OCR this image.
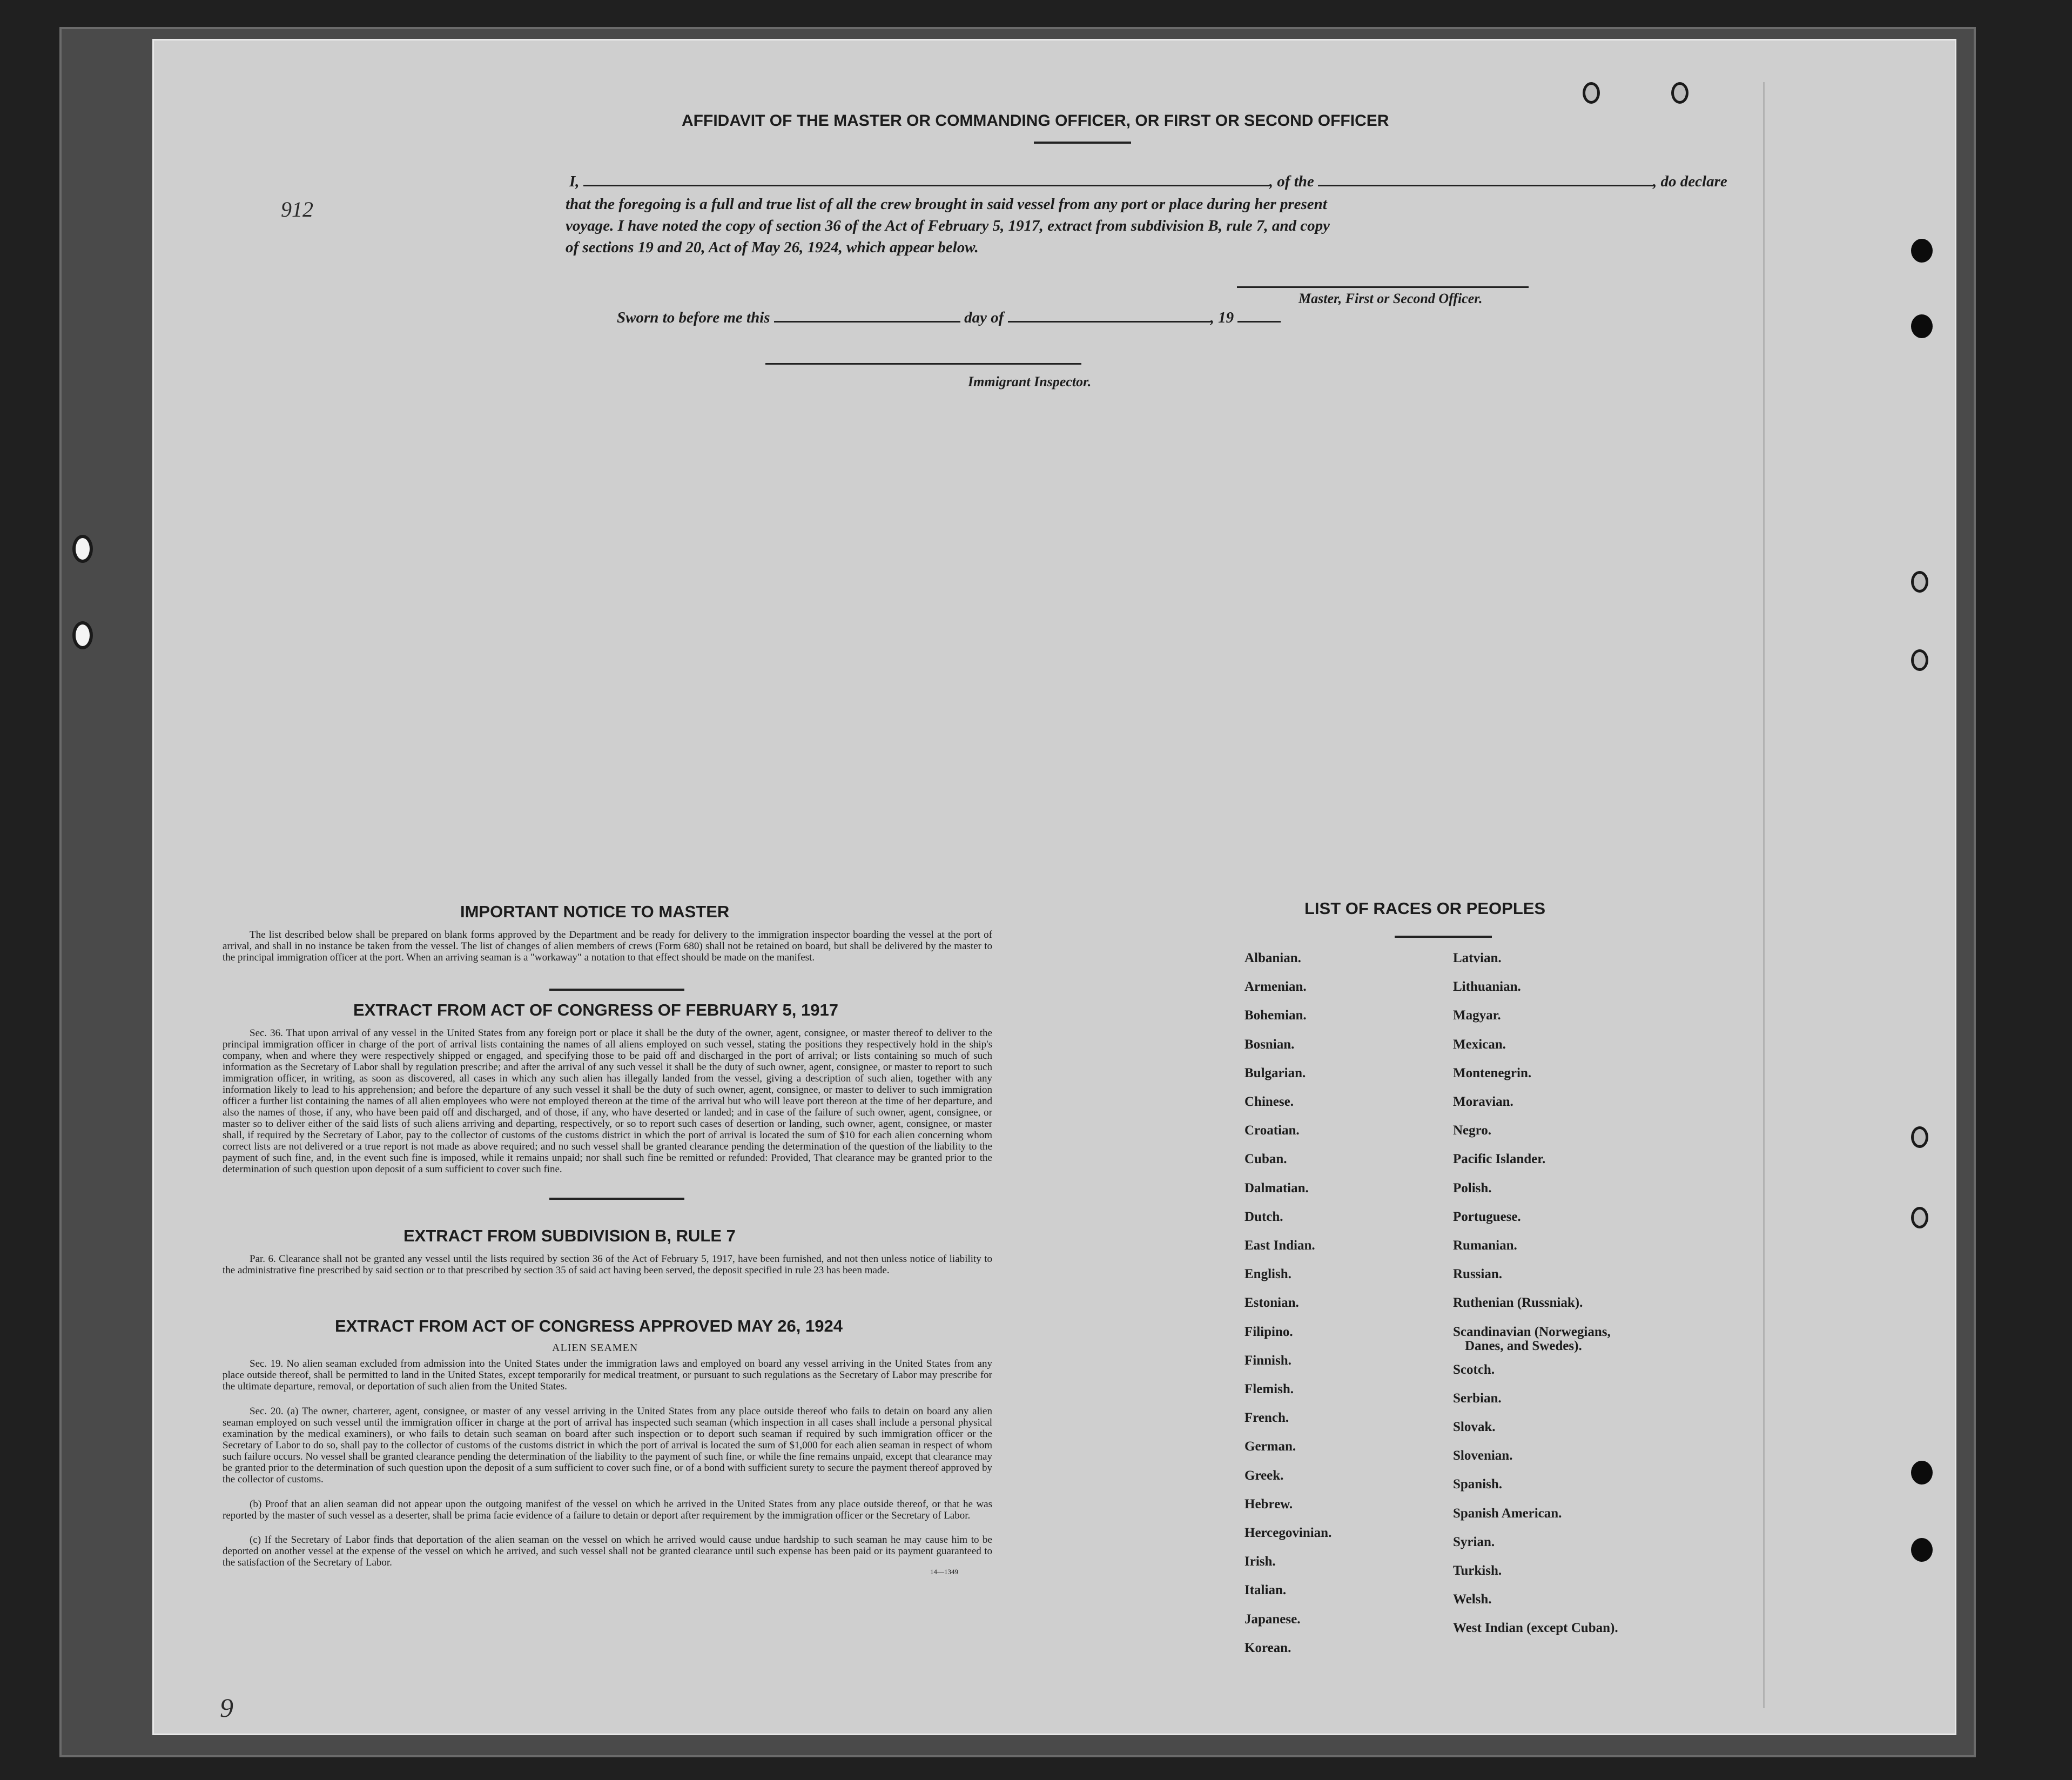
912
9
AFFIDAVIT OF THE MASTER OR COMMANDING OFFICER, OR FIRST OR SECOND OFFICER
I,	, of the	, do declare
that the foregoing is a full and true list of all the crew brought in said vessel from any port or place during her present
voyage. I have noted the copy of section 36 of the Act of February 5, 1917, extract from subdivision B, rule 7, and copy
of sections 19 and 20, Act of May 26, 1924, which appear below.
Master, First or Second Officer.
Sworn to before me this	day of	, 19
Immigrant Inspector.
IMPORTANT NOTICE TO MASTER
The list described below shall be prepared on blank forms approved by the Department and be ready for delivery to the immigration inspector boarding the vessel at the port of arrival, and shall in no instance be taken from the vessel. The list of changes of alien members of crews (Form 680) shall not be retained on board, but shall be delivered by the master to the principal immigration officer at the port. When an arriving seaman is a "workaway" a notation to that effect should be made on the manifest.
EXTRACT FROM ACT OF CONGRESS OF FEBRUARY 5, 1917
Sec. 36. That upon arrival of any vessel in the United States from any foreign port or place it shall be the duty of the owner, agent, consignee, or master thereof to deliver to the principal immigration officer in charge of the port of arrival lists containing the names of all aliens employed on such vessel, stating the positions they respectively hold in the ship's company, when and where they were respectively shipped or engaged, and specifying those to be paid off and discharged in the port of arrival; or lists containing so much of such information as the Secretary of Labor shall by regulation prescribe; and after the arrival of any such vessel it shall be the duty of such owner, agent, consignee, or master to report to such immigration officer, in writing, as soon as discovered, all cases in which any such alien has illegally landed from the vessel, giving a description of such alien, together with any information likely to lead to his apprehension; and before the departure of any such vessel it shall be the duty of such owner, agent, consignee, or master to deliver to such immigration officer a further list containing the names of all alien employees who were not employed thereon at the time of the arrival but who will leave port thereon at the time of her departure, and also the names of those, if any, who have been paid off and discharged, and of those, if any, who have deserted or landed; and in case of the failure of such owner, agent, consignee, or master so to deliver either of the said lists of such aliens arriving and departing, respectively, or so to report such cases of desertion or landing, such owner, agent, consignee, or master shall, if required by the Secretary of Labor, pay to the collector of customs of the customs district in which the port of arrival is located the sum of $10 for each alien concerning whom correct lists are not delivered or a true report is not made as above required; and no such vessel shall be granted clearance pending the determination of the question of the liability to the payment of such fine, and, in the event such fine is imposed, while it remains unpaid; nor shall such fine be remitted or refunded: Provided, That clearance may be granted prior to the determination of such question upon deposit of a sum sufficient to cover such fine.
EXTRACT FROM SUBDIVISION B, RULE 7
Par. 6. Clearance shall not be granted any vessel until the lists required by section 36 of the Act of February 5, 1917, have been furnished, and not then unless notice of liability to the administrative fine prescribed by said section or to that prescribed by section 35 of said act having been served, the deposit specified in rule 23 has been made.
EXTRACT FROM ACT OF CONGRESS APPROVED MAY 26, 1924
ALIEN SEAMEN
Sec. 19. No alien seaman excluded from admission into the United States under the immigration laws and employed on board any vessel arriving in the United States from any place outside thereof, shall be permitted to land in the United States, except temporarily for medical treatment, or pursuant to such regulations as the Secretary of Labor may prescribe for the ultimate departure, removal, or deportation of such alien from the United States.
Sec. 20. (a) The owner, charterer, agent, consignee, or master of any vessel arriving in the United States from any place outside thereof who fails to detain on board any alien seaman employed on such vessel until the immigration officer in charge at the port of arrival has inspected such seaman (which inspection in all cases shall include a personal physical examination by the medical examiners), or who fails to detain such seaman on board after such inspection or to deport such seaman if required by such immigration officer or the Secretary of Labor to do so, shall pay to the collector of customs of the customs district in which the port of arrival is located the sum of $1,000 for each alien seaman in respect of whom such failure occurs. No vessel shall be granted clearance pending the determination of the liability to the payment of such fine, or while the fine remains unpaid, except that clearance may be granted prior to the determination of such question upon the deposit of a sum sufficient to cover such fine, or of a bond with sufficient surety to secure the payment thereof approved by the collector of customs.
(b) Proof that an alien seaman did not appear upon the outgoing manifest of the vessel on which he arrived in the United States from any place outside thereof, or that he was reported by the master of such vessel as a deserter, shall be prima facie evidence of a failure to detain or deport after requirement by the immigration officer or the Secretary of Labor.
(c) If the Secretary of Labor finds that deportation of the alien seaman on the vessel on which he arrived would cause undue hardship to such seaman he may cause him to be deported on another vessel at the expense of the vessel on which he arrived, and such vessel shall not be granted clearance until such expense has been paid or its payment guaranteed to the satisfaction of the Secretary of Labor.
14—1349
LIST OF RACES OR PEOPLES
Albanian.
Armenian.
Bohemian.
Bosnian.
Bulgarian.
Chinese.
Croatian.
Cuban.
Dalmatian.
Dutch.
East Indian.
English.
Estonian.
Filipino.
Finnish.
Flemish.
French.
German.
Greek.
Hebrew.
Hercegovinian.
Irish.
Italian.
Japanese.
Korean.
Latvian.
Lithuanian.
Magyar.
Mexican.
Montenegrin.
Moravian.
Negro.
Pacific Islander.
Polish.
Portuguese.
Rumanian.
Russian.
Ruthenian (Russniak).
Scandinavian (Norwegians,
Danes, and Swedes).
Scotch.
Serbian.
Slovak.
Slovenian.
Spanish.
Spanish American.
Syrian.
Turkish.
Welsh.
West Indian (except Cuban).
